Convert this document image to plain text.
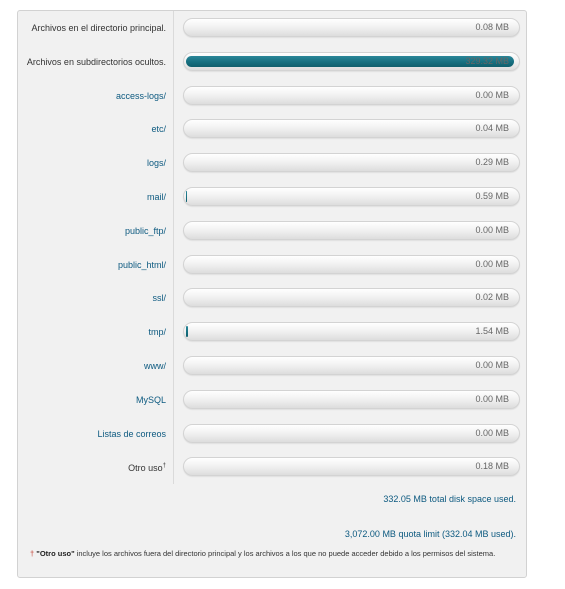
Archivos en el directorio principal.	0.08 MB
Archivos en subdirectorios ocultos.	329.32 MB
access-logs/	0.00 MB
etc/	0.04 MB
logs/	0.29 MB
mail/	0.59 MB
public_ftp/	0.00 MB
public_html/	0.00 MB
ssl/	0.02 MB
tmp/	1.54 MB
www/	0.00 MB
MySQL	0.00 MB
Listas de correos	0.00 MB
Otro uso†	0.18 MB
332.05 MB total disk space used.
3,072.00 MB quota limit (332.04 MB used).
† "Otro uso" incluye los archivos fuera del directorio principal y los archivos a los que no puede acceder debido a los permisos del sistema.
